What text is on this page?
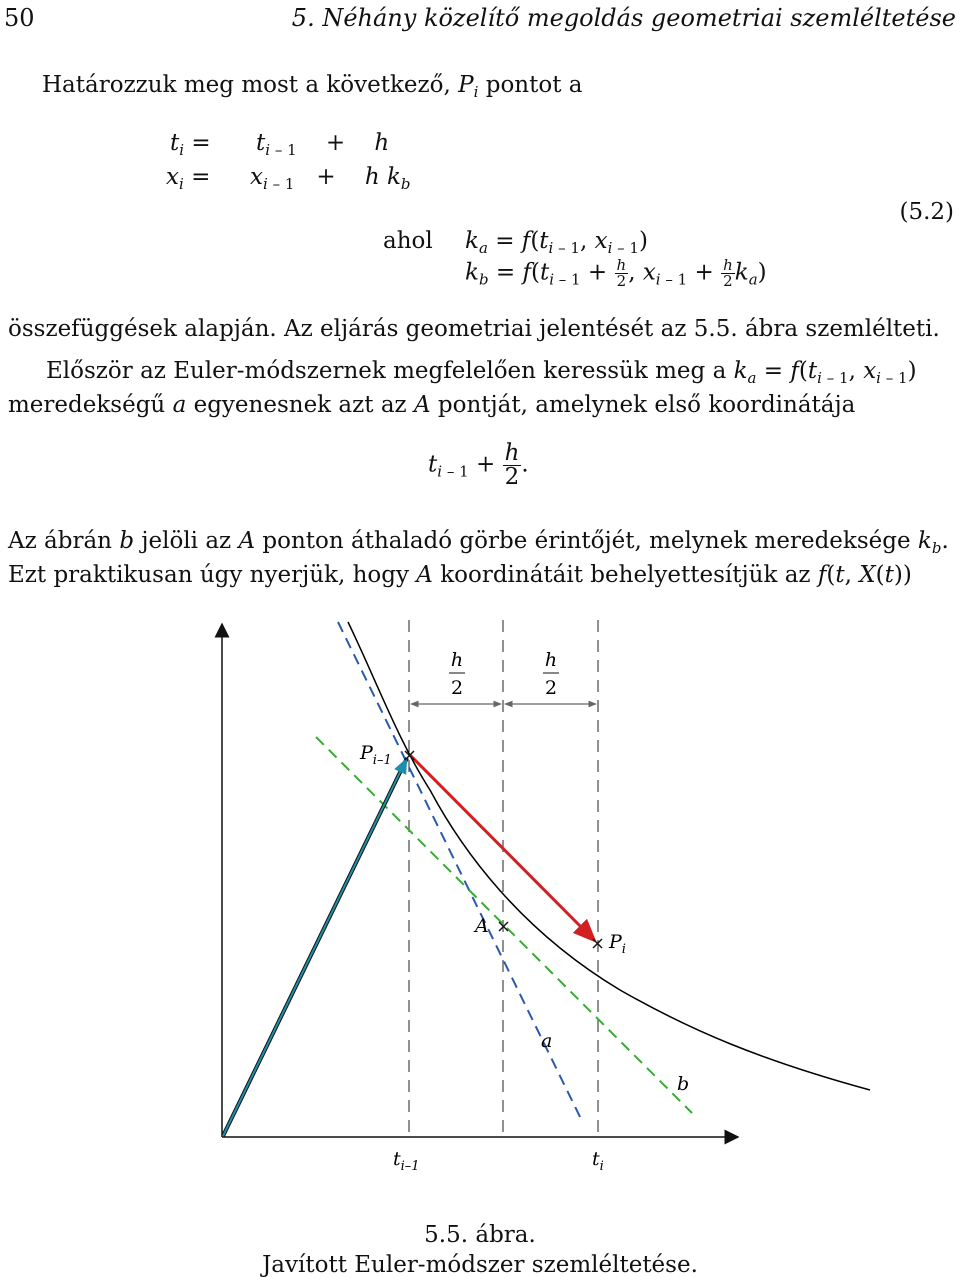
50	5. Néhány közelítő megoldás geometriai szemléltetése
Határozzuk meg most a következő, $P_i$ pontot a
$t_i = t_{i - 1}$    +    h
$x_i = x_{i - 1}$   +    h $k_b$
ahol $k_a = f(t_{i - 1}$, $x_{i - 1}$)
$k_b = f(t_{i - 1} + \frac{h}{2}$ , $x_{i - 1} + \frac{h}{2} k_a$)
(5.2)
összefüggések alapján. Az eljárás geometriai jelentését az 5.5. ábra szemlélteti.
Először az Euler-módszernek megfelelően keressük meg a $k_a = f(t_{i - 1}$, $x_{i - 1}$)
meredekségű a egyenesnek azt az A pontját, amelynek első koordinátája
$t_{i - 1} + \frac{h}{2}$ .
Az ábrán b jelöli az A ponton áthaladó görbe érintőjét, melynek meredeksége $k_b$.
Ezt praktikusan úgy nyerjük, hogy A koordinátáit behelyettesítjük az f(t, X(t))
h
2
h
2
$P_{i-1}$
A
$P_i$
a
b
$t_{i-1}$	$t_i$
5.5. ábra.
Javított Euler-módszer szemléltetése.
